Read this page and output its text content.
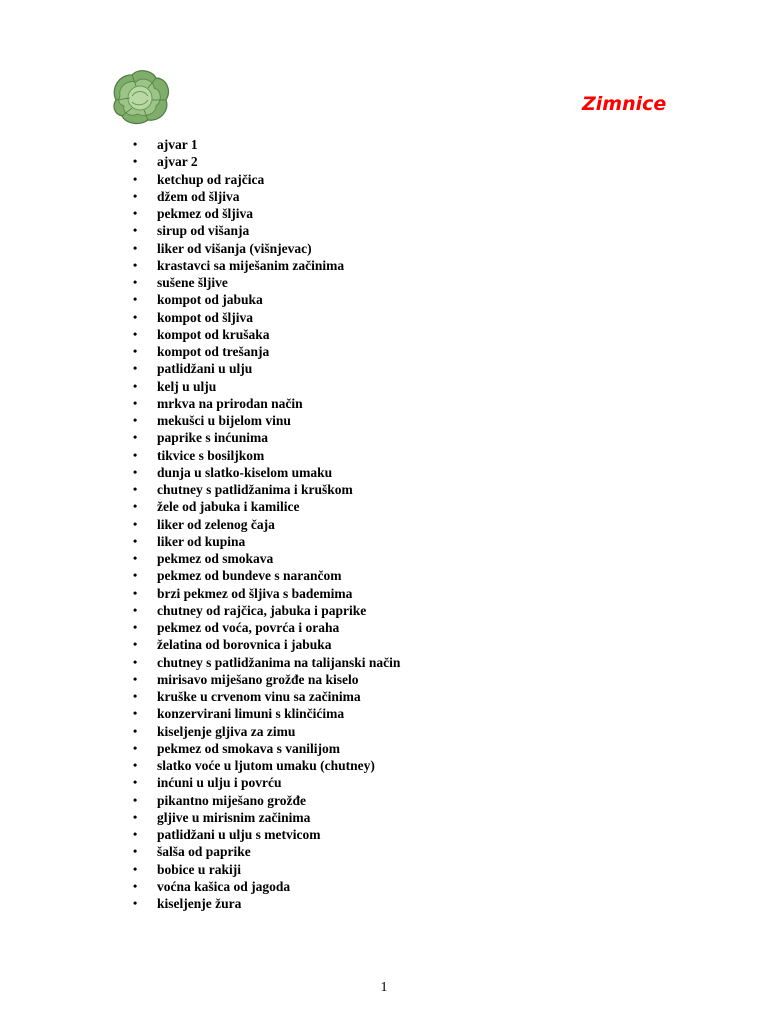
Zimnice
• ajvar 1
• ajvar 2
• ketchup od rajčica
• džem od šljiva
• pekmez od šljiva
• sirup od višanja
• liker od višanja (višnjevac)
• krastavci sa miješanim začinima
• sušene šljive
• kompot od jabuka
• kompot od šljiva
• kompot od krušaka
• kompot od trešanja
• patlidžani u ulju
• kelj u ulju
• mrkva na prirodan način
• mekušci u bijelom vinu
• paprike s inćunima
• tikvice s bosiljkom
• dunja u slatko-kiselom umaku
• chutney s patlidžanima i kruškom
• žele od jabuka i kamilice
• liker od zelenog čaja
• liker od kupina
• pekmez od smokava
• pekmez od bundeve s narančom
• brzi pekmez od šljiva s bademima
• chutney od rajčica, jabuka i paprike
• pekmez od voća, povrća i oraha
• želatina od borovnica i jabuka
• chutney s patlidžanima na talijanski način
• mirisavo miješano grožđe na kiselo
• kruške u crvenom vinu sa začinima
• konzervirani limuni s klinčićima
• kiseljenje gljiva za zimu
• pekmez od smokava s vanilijom
• slatko voće u ljutom umaku (chutney)
• inćuni u ulju i povrću
• pikantno miješano grožđe
• gljive u mirisnim začinima
• patlidžani u ulju s metvicom
• šalša od paprike
• bobice u rakiji
• voćna kašica od jagoda
• kiseljenje žura
1
